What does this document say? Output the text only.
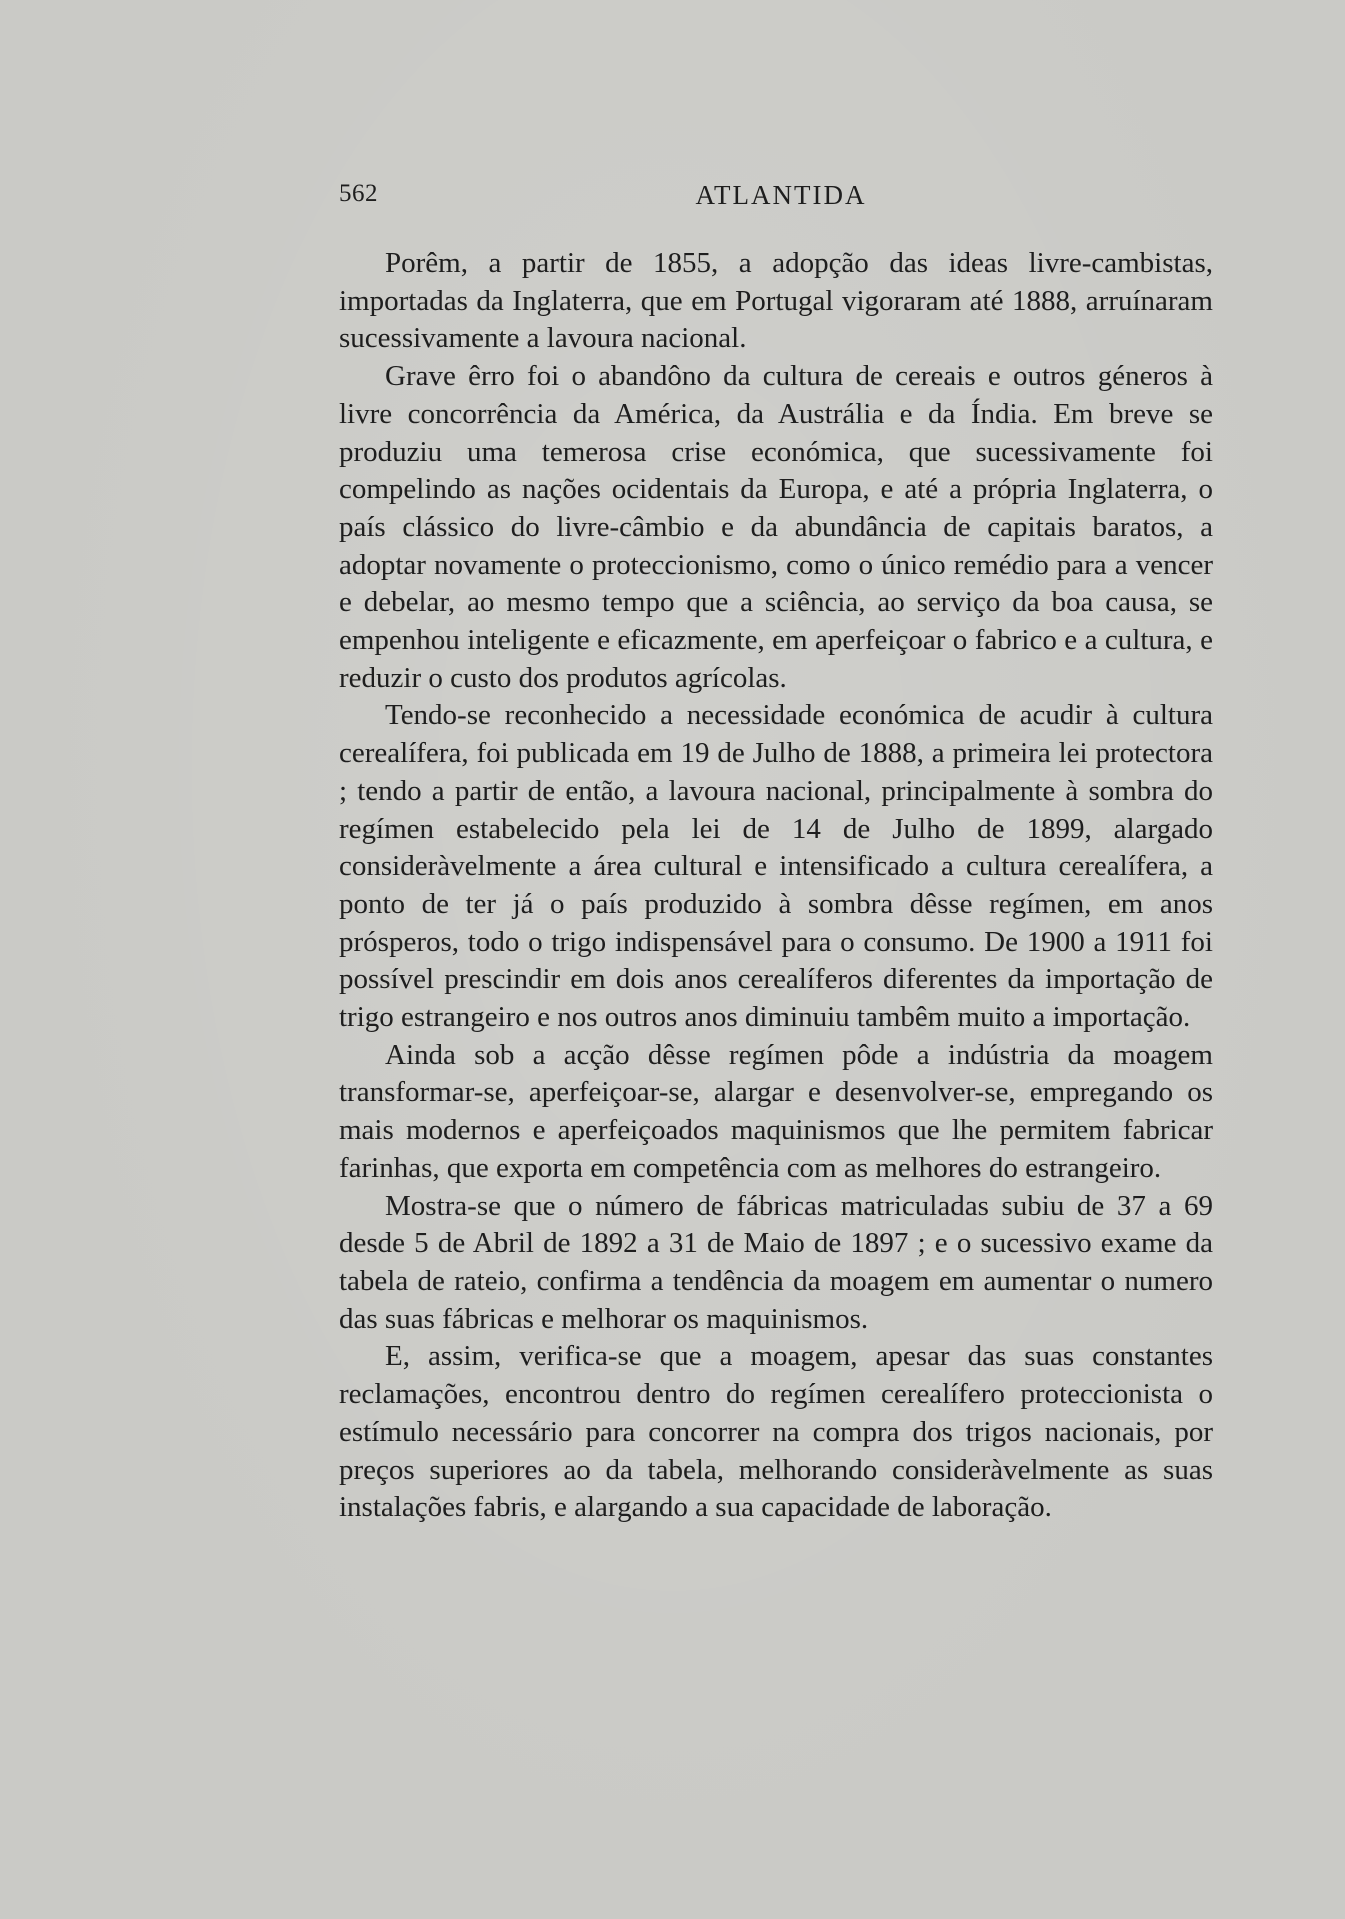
562	ATLANTIDA

Porêm, a partir de 1855, a adopção das ideas livre-cambistas, importadas da Inglaterra, que em Portugal vigoraram até 1888, arruínaram sucessivamente a lavoura nacional.

Grave êrro foi o abandôno da cultura de cereais e outros géneros à livre concorrência da América, da Austrália e da Índia. Em breve se produziu uma temerosa crise económica, que sucessivamente foi compelindo as nações ocidentais da Europa, e até a própria Inglaterra, o país clássico do livre-câmbio e da abundância de capitais baratos, a adoptar novamente o proteccionismo, como o único remédio para a vencer e debelar, ao mesmo tempo que a sciência, ao serviço da boa causa, se empenhou inteligente e eficazmente, em aperfeiçoar o fabrico e a cultura, e reduzir o custo dos produtos agrícolas.

Tendo-se reconhecido a necessidade económica de acudir à cultura cerealífera, foi publicada em 19 de Julho de 1888, a primeira lei protectora ; tendo a partir de então, a lavoura nacional, principalmente à sombra do regímen estabelecido pela lei de 14 de Julho de 1899, alargado consideràvelmente a área cultural e intensificado a cultura cerealífera, a ponto de ter já o país produzido à sombra dêsse regímen, em anos prósperos, todo o trigo indispensável para o consumo. De 1900 a 1911 foi possível prescindir em dois anos cerealíferos diferentes da importação de trigo estrangeiro e nos outros anos diminuiu tambêm muito a importação.

Ainda sob a acção dêsse regímen pôde a indústria da moagem transformar-se, aperfeiçoar-se, alargar e desenvolver-se, empregando os mais modernos e aperfeiçoados maquinismos que lhe permitem fabricar farinhas, que exporta em competência com as melhores do estrangeiro.

Mostra-se que o número de fábricas matriculadas subiu de 37 a 69 desde 5 de Abril de 1892 a 31 de Maio de 1897 ; e o sucessivo exame da tabela de rateio, confirma a tendência da moagem em aumentar o numero das suas fábricas e melhorar os maquinismos.

E, assim, verifica-se que a moagem, apesar das suas constantes reclamações, encontrou dentro do regímen cerealífero proteccionista o estímulo necessário para concorrer na compra dos trigos nacionais, por preços superiores ao da tabela, melhorando consideràvelmente as suas instalações fabris, e alargando a sua capacidade de laboração.
